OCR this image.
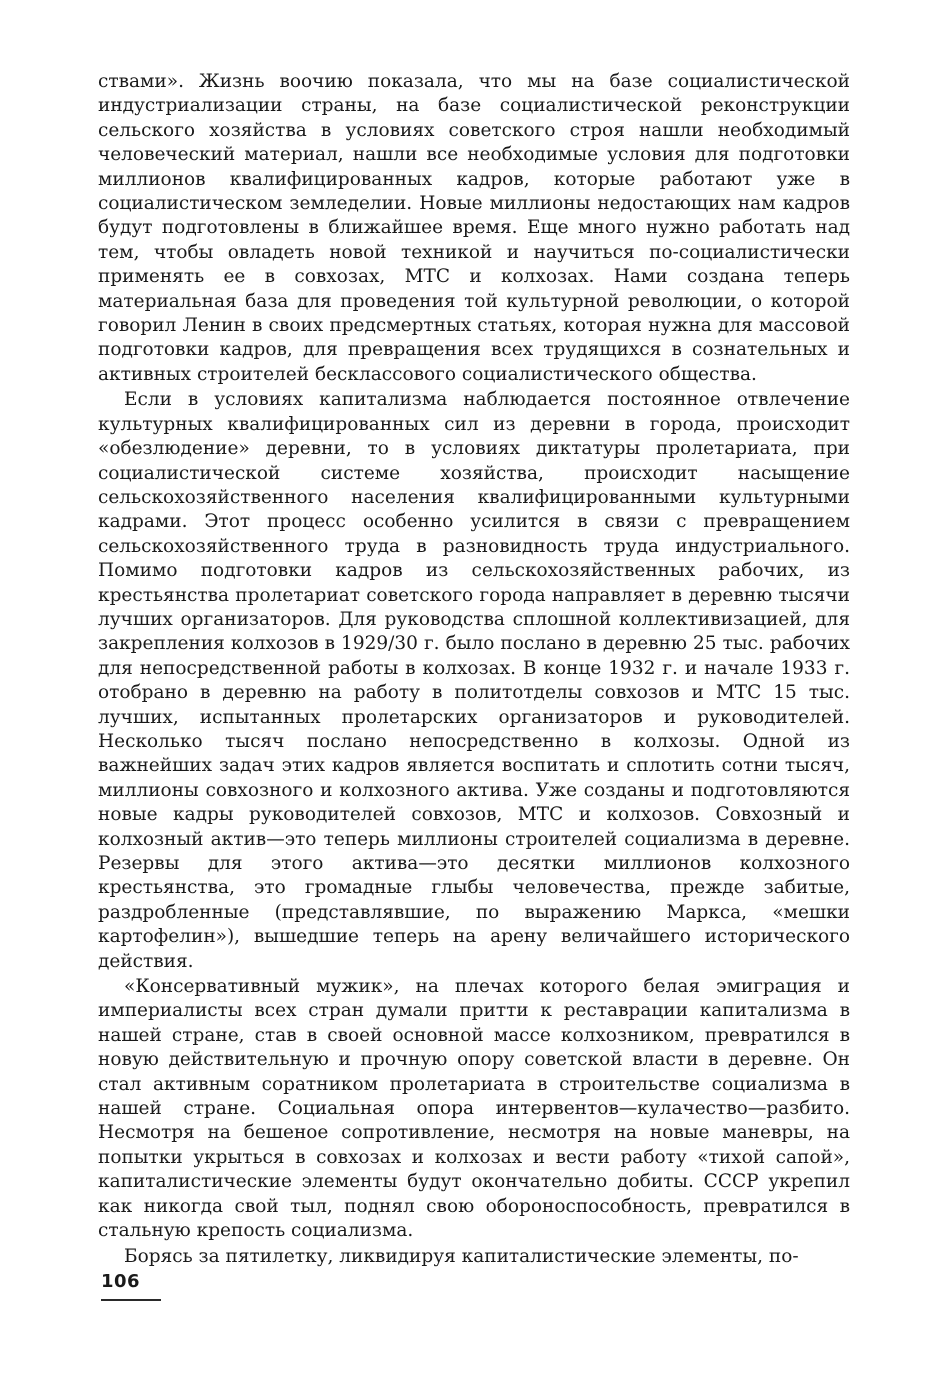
ствами». Жизнь воочию показала, что мы на базе социалистической индустриализации страны, на базе социалистической реконструкции сельского хозяйства в условиях советского строя нашли необходимый человеческий материал, нашли все необходимые условия для подготовки миллионов квалифицированных кадров, которые работают уже в социалистическом земледелии. Новые миллионы недостающих нам кадров будут подготовлены в ближайшее время. Еще много нужно работать над тем, чтобы овладеть новой техникой и научиться по-социалистически применять ее в совхозах, МТС и колхозах. Нами создана теперь материальная база для проведения той культурной революции, о которой говорил Ленин в своих предсмертных статьях, которая нужна для массовой подготовки кадров, для превращения всех трудящихся в сознательных и активных строителей бесклассового социалистического общества.

Если в условиях капитализма наблюдается постоянное отвлечение культурных квалифицированных сил из деревни в города, происходит «обезлюдение» деревни, то в условиях диктатуры пролетариата, при социалистической системе хозяйства, происходит насыщение сельскохозяйственного населения квалифицированными культурными кадрами. Этот процесс особенно усилится в связи с превращением сельскохозяйственного труда в разновидность труда индустриального. Помимо подготовки кадров из сельскохозяйственных рабочих, из крестьянства пролетариат советского города направляет в деревню тысячи лучших организаторов. Для руководства сплошной коллективизацией, для закрепления колхозов в 1929/30 г. было послано в деревню 25 тыс. рабочих для непосредственной работы в колхозах. В конце 1932 г. и начале 1933 г. отобрано в деревню на работу в политотделы совхозов и МТС 15 тыс. лучших, испытанных пролетарских организаторов и руководителей. Несколько тысяч послано непосредственно в колхозы. Одной из важнейших задач этих кадров является воспитать и сплотить сотни тысяч, миллионы совхозного и колхозного актива. Уже созданы и подготовляются новые кадры руководителей совхозов, МТС и колхозов. Совхозный и колхозный актив—это теперь миллионы строителей социализма в деревне. Резервы для этого актива—это десятки миллионов колхозного крестьянства, это громадные глыбы человечества, прежде забитые, раздробленные (представлявшие, по выражению Маркса, «мешки картофелин»), вышедшие теперь на арену величайшего исторического действия.

«Консервативный мужик», на плечах которого белая эмиграция и империалисты всех стран думали притти к реставрации капитализма в нашей стране, став в своей основной массе колхозником, превратился в новую действительную и прочную опору советской власти в деревне. Он стал активным соратником пролетариата в строительстве социализма в нашей стране. Социальная опора интервентов—кулачество—разбито. Несмотря на бешеное сопротивление, несмотря на новые маневры, на попытки укрыться в совхозах и колхозах и вести работу «тихой сапой», капиталистические элементы будут окончательно добиты. СССР укрепил как никогда свой тыл, поднял свою обороноспособность, превратился в стальную крепость социализма.

Борясь за пятилетку, ликвидируя капиталистические элементы, по-

106
